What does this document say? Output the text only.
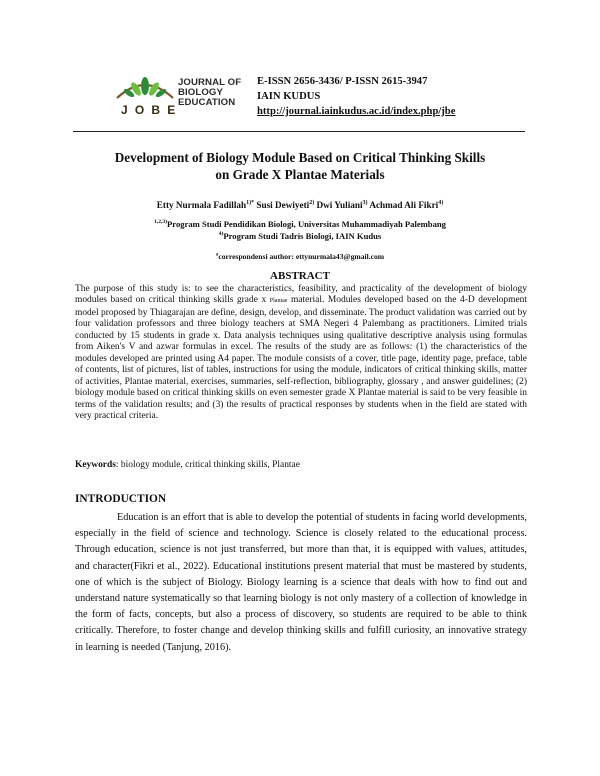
JOURNAL OF
BIOLOGY
EDUCATION
JOBE
E-ISSN 2656-3436/ P-ISSN 2615-3947
IAIN KUDUS
http://journal.iainkudus.ac.id/index.php/jbe
Development of Biology Module Based on Critical Thinking Skills
on Grade X Plantae Materials
Etty Nurmala Fadillah$^{1)*}$ Susi Dewiyeti$^{2)}$ Dwi Yuliani$^{3)}$ Achmad Ali Fikri$^{4)}$
$^{1,2,3)}$Program Studi Pendidikan Biologi, Universitas Muhammadiyah Palembang
$^{4)}$Program Studi Tadris Biologi, IAIN Kudus
$^a$correspondensi author: ettynurmala43@gmail.com
ABSTRACT
The purpose of this study is: to see the characteristics, feasibility, and practicality of the development of biology modules based on critical thinking skills grade x Plantae material. Modules developed based on the 4-D development model proposed by Thiagarajan are define, design, develop, and disseminate. The product validation was carried out by four validation professors and three biology teachers at SMA Negeri 4 Palembang as practitioners. Limited trials conducted by 15 students in grade x. Data analysis techniques using qualitative descriptive analysis using formulas from Aiken's V and azwar formulas in excel. The results of the study are as follows: (1) the characteristics of the modules developed are printed using A4 paper. The module consists of a cover, title page, identity page, preface, table of contents, list of pictures, list of tables, instructions for using the module, indicators of critical thinking skills, matter of activities, Plantae material, exercises, summaries, self-reflection, bibliography, glossary , and answer guidelines; (2) biology module based on critical thinking skills on even semester grade X Plantae material is said to be very feasible in terms of the validation results; and (3) the results of practical responses by students when in the field are stated with very practical criteria.
Keywords: biology module, critical thinking skills, Plantae
INTRODUCTION
Education is an effort that is able to develop the potential of students in facing world developments, especially in the field of science and technology. Science is closely related to the educational process. Through education, science is not just transferred, but more than that, it is equipped with values, attitudes, and character(Fikri et al., 2022). Educational institutions present material that must be mastered by students, one of which is the subject of Biology. Biology learning is a science that deals with how to find out and understand nature systematically so that learning biology is not only mastery of a collection of knowledge in the form of facts, concepts, but also a process of discovery, so students are required to be able to think critically. Therefore, to foster change and develop thinking skills and fulfill curiosity, an innovative strategy in learning is needed (Tanjung, 2016).
